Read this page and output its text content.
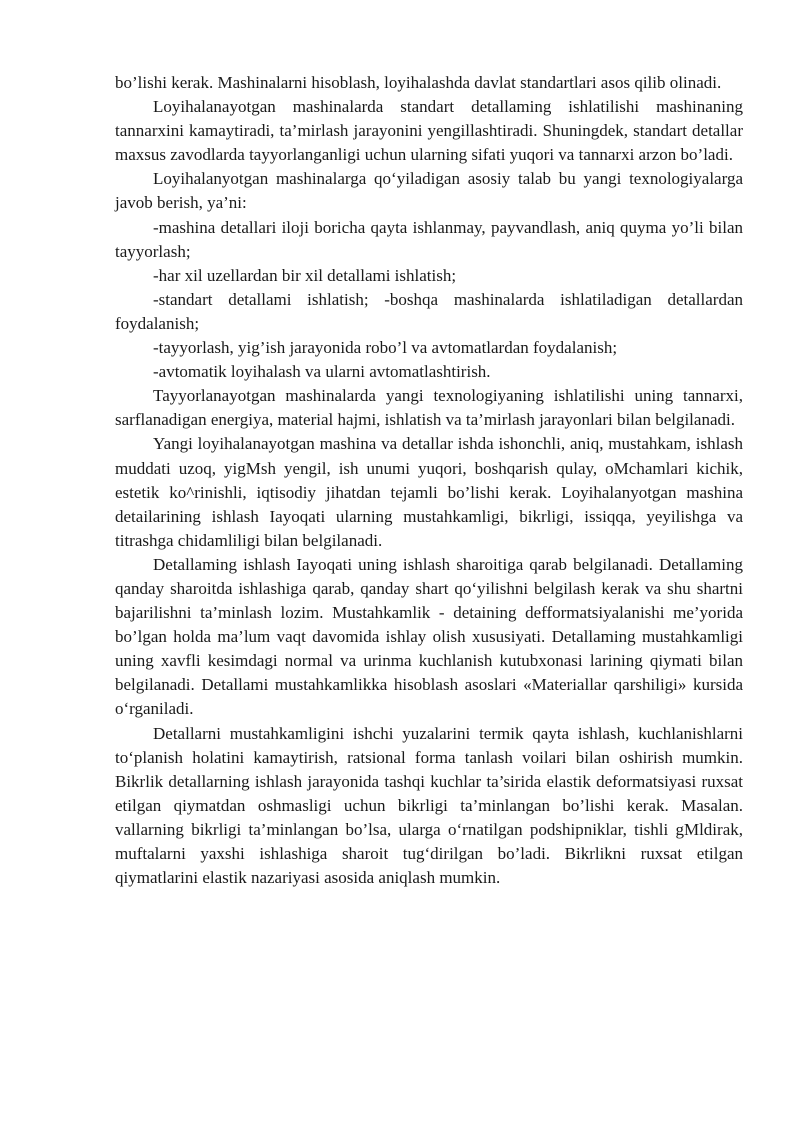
bo’lishi kerak. Mashinalarni hisoblash, loyihalashda davlat standartlari asos qilib olinadi.

Loyihalanayotgan mashinalarda standart detallaming ishlatilishi mashinaning tannarxini kamaytiradi, ta’mirlash jarayonini yengillashtiradi. Shuningdek, standart detallar maxsus zavodlarda tayyorlanganligi uchun ularning sifati yuqori va tannarxi arzon bo’ladi.

Loyihalanyotgan mashinalarga qo‘yiladigan asosiy talab bu yangi texnologiyalarga javob berish, ya’ni:

-mashina detallari iloji boricha qayta ishlanmay, payvandlash, aniq quyma yo’li bilan tayyorlash;

-har xil uzellardan bir xil detallami ishlatish;

-standart detallami ishlatish; -boshqa mashinalarda ishlatiladigan detallardan foydalanish;

-tayyorlash, yig’ish jarayonida robo’l va avtomatlardan foydalanish;

-avtomatik loyihalash va ularni avtomatlashtirish.

Tayyorlanayotgan mashinalarda yangi texnologiyaning ishlatilishi uning tannarxi, sarflanadigan energiya, material hajmi, ishlatish va ta’mirlash jarayonlari bilan belgilanadi.

Yangi loyihalanayotgan mashina va detallar ishda ishonchli, aniq, mustahkam, ishlash muddati uzoq, yigMsh yengil, ish unumi yuqori, boshqarish qulay, oMchamlari kichik, estetik ko^rinishli, iqtisodiy jihatdan tejamli bo’lishi kerak. Loyihalanyotgan mashina detailarining ishlash Iayoqati ularning mustahkamligi, bikrligi, issiqqa, yeyilishga va titrashga chidamliligi bilan belgilanadi.

Detallaming ishlash Iayoqati uning ishlash sharoitiga qarab belgilanadi. Detallaming qanday sharoitda ishlashiga qarab, qanday shart qo‘yilishni belgilash kerak va shu shartni bajarilishni ta’minlash lozim. Mustahkamlik - detaining defformatsiyalanishi me’yorida bo’lgan holda ma’lum vaqt davomida ishlay olish xususiyati. Detallaming mustahkamligi uning xavfli kesimdagi normal va urinma kuchlanish kutubxonasi larining qiymati bilan belgilanadi. Detallami mustahkamlikka hisoblash asoslari «Materiallar qarshiligi» kursida o‘rganiladi.

Detallarni mustahkamligini ishchi yuzalarini termik qayta ishlash, kuchlanishlarni to‘planish holatini kamaytirish, ratsional forma tanlash voilari bilan oshirish mumkin. Bikrlik detallarning ishlash jarayonida tashqi kuchlar ta’sirida elastik deformatsiyasi ruxsat etilgan qiymatdan oshmasligi uchun bikrligi ta’minlangan bo’lishi kerak. Masalan. vallarning bikrligi ta’minlangan bo’lsa, ularga o‘rnatilgan podshipniklar, tishli gMldirak, muftalarni yaxshi ishlashiga sharoit tug‘dirilgan bo’ladi. Bikrlikni ruxsat etilgan qiymatlarini elastik nazariyasi asosida aniqlash mumkin.
